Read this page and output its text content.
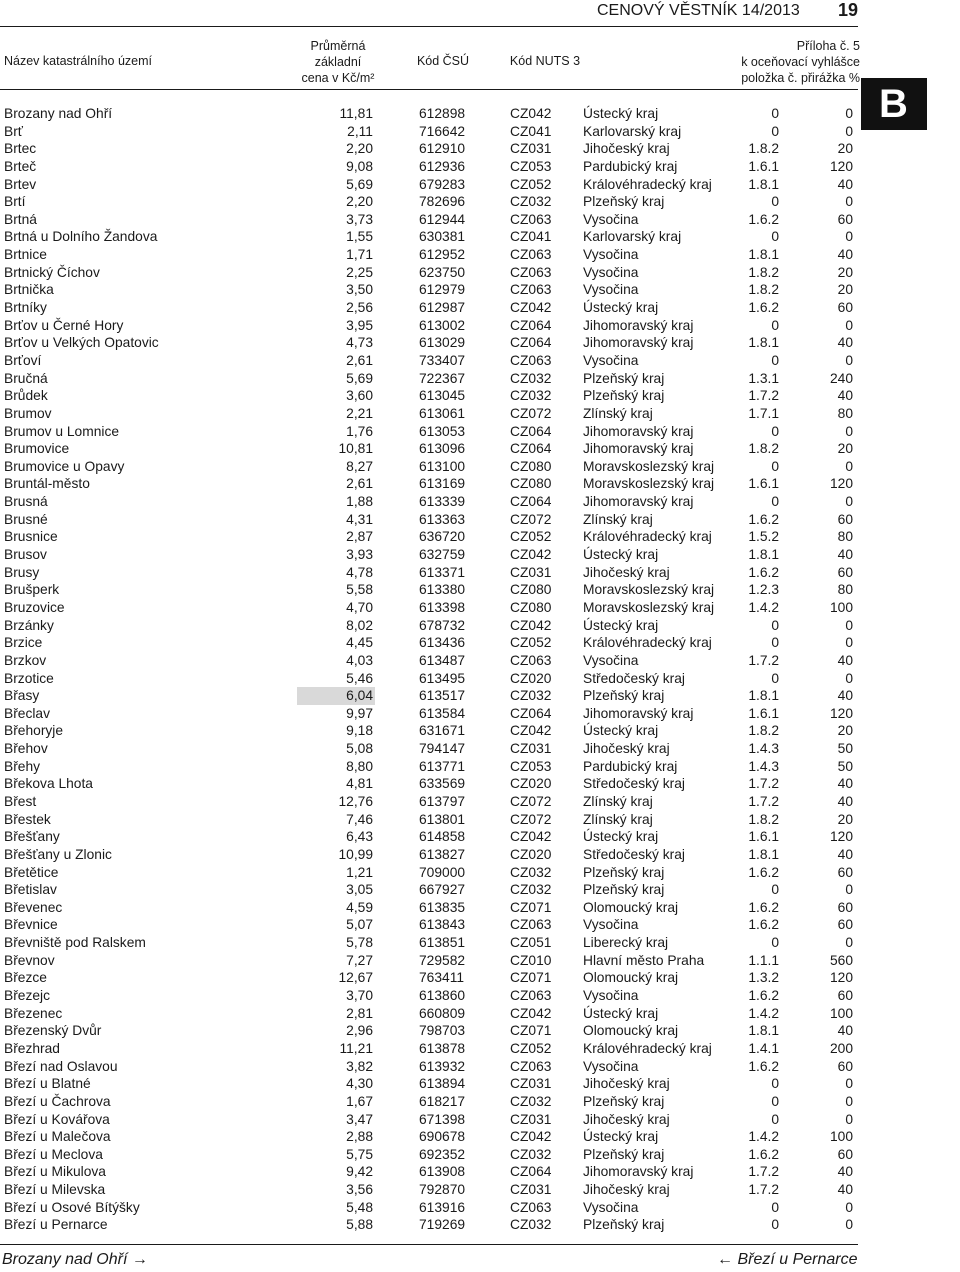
CENOVÝ VĚSTNÍK 14/2013 19
Název katastrálního území
Průměrná
základní
cena v Kč/m²
Kód ČSÚ	Kód NUTS 3
Příloha č. 5
k oceňovací vyhlášce
položka č. přirážka %
B
Brozany nad Ohří	11,81	612898	CZ042 Ústecký kraj	0	0
Brť	2,11	716642	CZ041 Karlovarský kraj	0	0
Brtec	2,20	612910	CZ031 Jihočeský kraj	1.8.2	20
Brteč	9,08	612936	CZ053 Pardubický kraj	1.6.1	120
Brtev	5,69	679283	CZ052 Královéhradecký kraj	1.8.1	40
Brtí	2,20	782696	CZ032 Plzeňský kraj	0	0
Brtná	3,73	612944	CZ063 Vysočina	1.6.2	60
Brtná u Dolního Žandova	1,55	630381	CZ041 Karlovarský kraj	0	0
Brtnice	1,71	612952	CZ063 Vysočina	1.8.1	40
Brtnický Číchov	2,25	623750	CZ063 Vysočina	1.8.2	20
Brtnička	3,50	612979	CZ063 Vysočina	1.8.2	20
Brtníky	2,56	612987	CZ042 Ústecký kraj	1.6.2	60
Brťov u Černé Hory	3,95	613002	CZ064 Jihomoravský kraj	0	0
Brťov u Velkých Opatovic	4,73	613029	CZ064 Jihomoravský kraj	1.8.1	40
Brťoví	2,61	733407	CZ063 Vysočina	0	0
Bručná	5,69	722367	CZ032 Plzeňský kraj	1.3.1	240
Brůdek	3,60	613045	CZ032 Plzeňský kraj	1.7.2	40
Brumov	2,21	613061	CZ072 Zlínský kraj	1.7.1	80
Brumov u Lomnice	1,76	613053	CZ064 Jihomoravský kraj	0	0
Brumovice	10,81	613096	CZ064 Jihomoravský kraj	1.8.2	20
Brumovice u Opavy	8,27	613100	CZ080 Moravskoslezský kraj	0	0
Bruntál-město	2,61	613169	CZ080 Moravskoslezský kraj	1.6.1	120
Brusná	1,88	613339	CZ064 Jihomoravský kraj	0	0
Brusné	4,31	613363	CZ072 Zlínský kraj	1.6.2	60
Brusnice	2,87	636720	CZ052 Královéhradecký kraj	1.5.2	80
Brusov	3,93	632759	CZ042 Ústecký kraj	1.8.1	40
Brusy	4,78	613371	CZ031 Jihočeský kraj	1.6.2	60
Brušperk	5,58	613380	CZ080 Moravskoslezský kraj	1.2.3	80
Bruzovice	4,70	613398	CZ080 Moravskoslezský kraj	1.4.2	100
Brzánky	8,02	678732	CZ042 Ústecký kraj	0	0
Brzice	4,45	613436	CZ052 Královéhradecký kraj	0	0
Brzkov	4,03	613487	CZ063 Vysočina	1.7.2	40
Brzotice	5,46	613495	CZ020 Středočeský kraj	0	0
Břasy	6,04	613517	CZ032 Plzeňský kraj	1.8.1	40
Břeclav	9,97	613584	CZ064 Jihomoravský kraj	1.6.1	120
Břehoryje	9,18	631671	CZ042 Ústecký kraj	1.8.2	20
Břehov	5,08	794147	CZ031 Jihočeský kraj	1.4.3	50
Břehy	8,80	613771	CZ053 Pardubický kraj	1.4.3	50
Břekova Lhota	4,81	633569	CZ020 Středočeský kraj	1.7.2	40
Břest	12,76	613797	CZ072 Zlínský kraj	1.7.2	40
Břestek	7,46	613801	CZ072 Zlínský kraj	1.8.2	20
Břešťany	6,43	614858	CZ042 Ústecký kraj	1.6.1	120
Břešťany u Zlonic	10,99	613827	CZ020 Středočeský kraj	1.8.1	40
Břetětice	1,21	709000	CZ032 Plzeňský kraj	1.6.2	60
Břetislav	3,05	667927	CZ032 Plzeňský kraj	0	0
Břevenec	4,59	613835	CZ071 Olomoucký kraj	1.6.2	60
Břevnice	5,07	613843	CZ063 Vysočina	1.6.2	60
Břevniště pod Ralskem	5,78	613851	CZ051 Liberecký kraj	0	0
Břevnov	7,27	729582	CZ010 Hlavní město Praha	1.1.1	560
Březce	12,67	763411	CZ071 Olomoucký kraj	1.3.2	120
Březejc	3,70	613860	CZ063 Vysočina	1.6.2	60
Březenec	2,81	660809	CZ042 Ústecký kraj	1.4.2	100
Březenský Dvůr	2,96	798703	CZ071 Olomoucký kraj	1.8.1	40
Březhrad	11,21	613878	CZ052 Královéhradecký kraj	1.4.1	200
Březí nad Oslavou	3,82	613932	CZ063 Vysočina	1.6.2	60
Březí u Blatné	4,30	613894	CZ031 Jihočeský kraj	0	0
Březí u Čachrova	1,67	618217	CZ032 Plzeňský kraj	0	0
Březí u Kovářova	3,47	671398	CZ031 Jihočeský kraj	0	0
Březí u Malečova	2,88	690678	CZ042 Ústecký kraj	1.4.2	100
Březí u Meclova	5,75	692352	CZ032 Plzeňský kraj	1.6.2	60
Březí u Mikulova	9,42	613908	CZ064 Jihomoravský kraj	1.7.2	40
Březí u Milevska	3,56	792870	CZ031 Jihočeský kraj	1.7.2	40
Březí u Osové Bítýšky	5,48	613916	CZ063 Vysočina	0	0
Březí u Pernarce	5,88	719269	CZ032 Plzeňský kraj	0	0
Brozany nad Ohří →	← Březí u Pernarce
